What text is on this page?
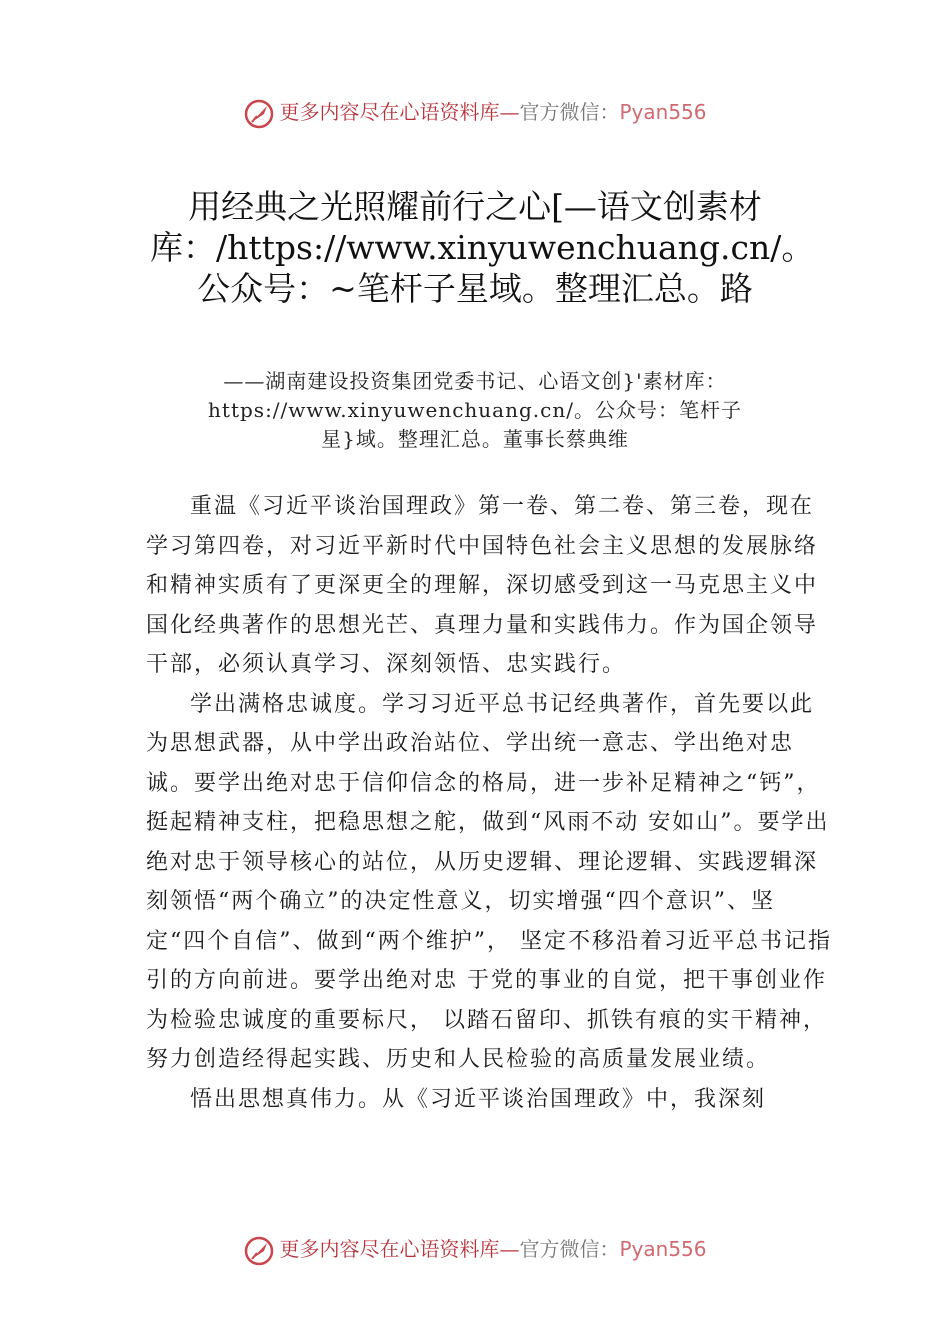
更多内容尽在心语资料库—官方微信：Pyan556
用经典之光照耀前行之心[—语文创素材库：/https://www.xinyuwenchuang.cn/。公众号：~笔杆子星域。整理汇总。路
——湖南建设投资集团党委书记、心语文创}'素材库：https://www.xinyuwenchuang.cn/。公众号：笔杆子星}域。整理汇总。董事长蔡典维

重温《习近平谈治国理政》第一卷、第二卷、第三卷，现在学习第四卷，对习近平新时代中国特色社会主义思想的发展脉络和精神实质有了更深更全的理解，深切感受到这一马克思主义中国化经典著作的思想光芒、真理力量和实践伟力。作为国企领导干部，必须认真学习、深刻领悟、忠实践行。

学出满格忠诚度。学习习近平总书记经典著作，首先要以此为思想武器，从中学出政治站位、学出统一意志、学出绝对忠诚。要学出绝对忠于信仰信念的格局，进一步补足精神之“钙”，挺起精神支柱，把稳思想之舵，做到“风雨不动 安如山”。要学出绝对忠于领导核心的站位，从历史逻辑、理论逻辑、实践逻辑深刻领悟“两个确立”的决定性意义，切实增强“四个意识”、坚定“四个自信”、做到“两个维护”， 坚定不移沿着习近平总书记指引的方向前进。要学出绝对忠 于党的事业的自觉，把干事创业作为检验忠诚度的重要标尺， 以踏石留印、抓铁有痕的实干精神，努力创造经得起实践、历史和人民检验的高质量发展业绩。

悟出思想真伟力。从《习近平谈治国理政》中，我深刻

更多内容尽在心语资料库—官方微信：Pyan556
